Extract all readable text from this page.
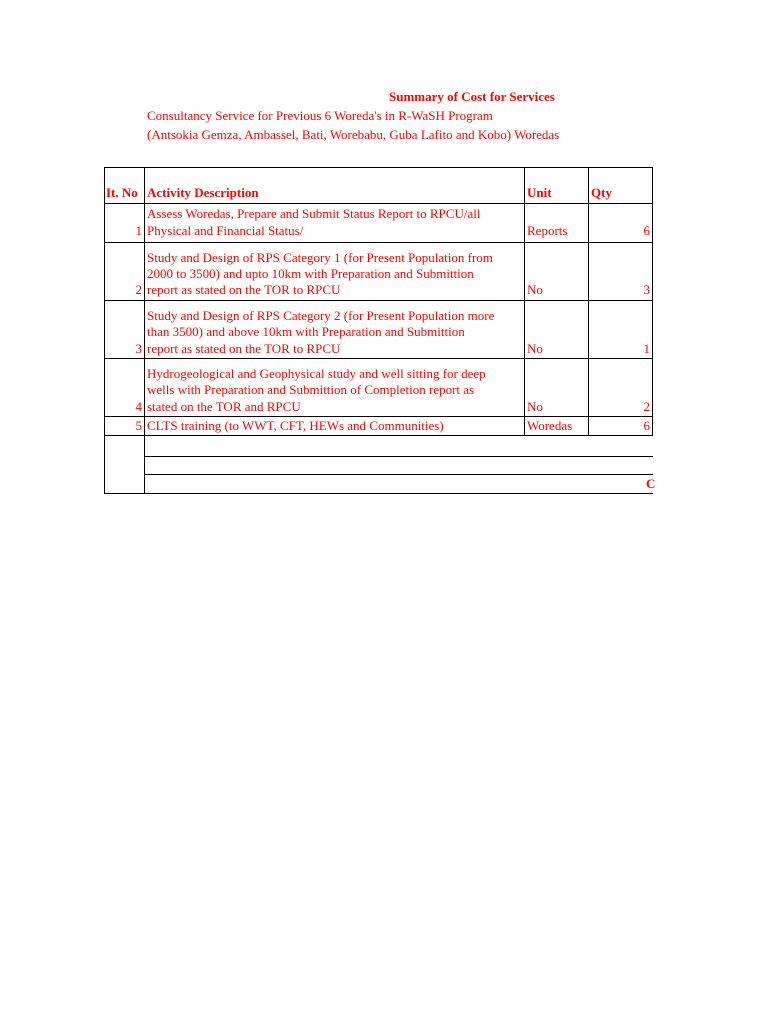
Summary of Cost for Services
Consultancy Service for Previous 6 Woreda's in R-WaSH Program
(Antsokia Gemza, Ambassel, Bati, Worebabu, Guba Lafito and Kobo) Woredas
It. No Activity Description	Unit	Qty
1
Assess Woredas, Prepare and Submit Status Report to RPCU/all
Physical and Financial Status/	Reports	6
2
Study and Design of RPS Category 1 (for Present Population from
2000 to 3500) and upto 10km with Preparation and Submittion
report as stated on the TOR to RPCU	No	3
3
Study and Design of RPS Category 2 (for Present Population more
than 3500) and above 10km with Preparation and Submittion
report as stated on the TOR to RPCU	No	1
4
Hydrogeological and Geophysical study and well sitting for deep
wells with Preparation and Submittion of Completion report as
stated on the TOR and RPCU	No	2
5 CLTS training (to WWT, CFT, HEWs and Communities)	Woredas	6
C
